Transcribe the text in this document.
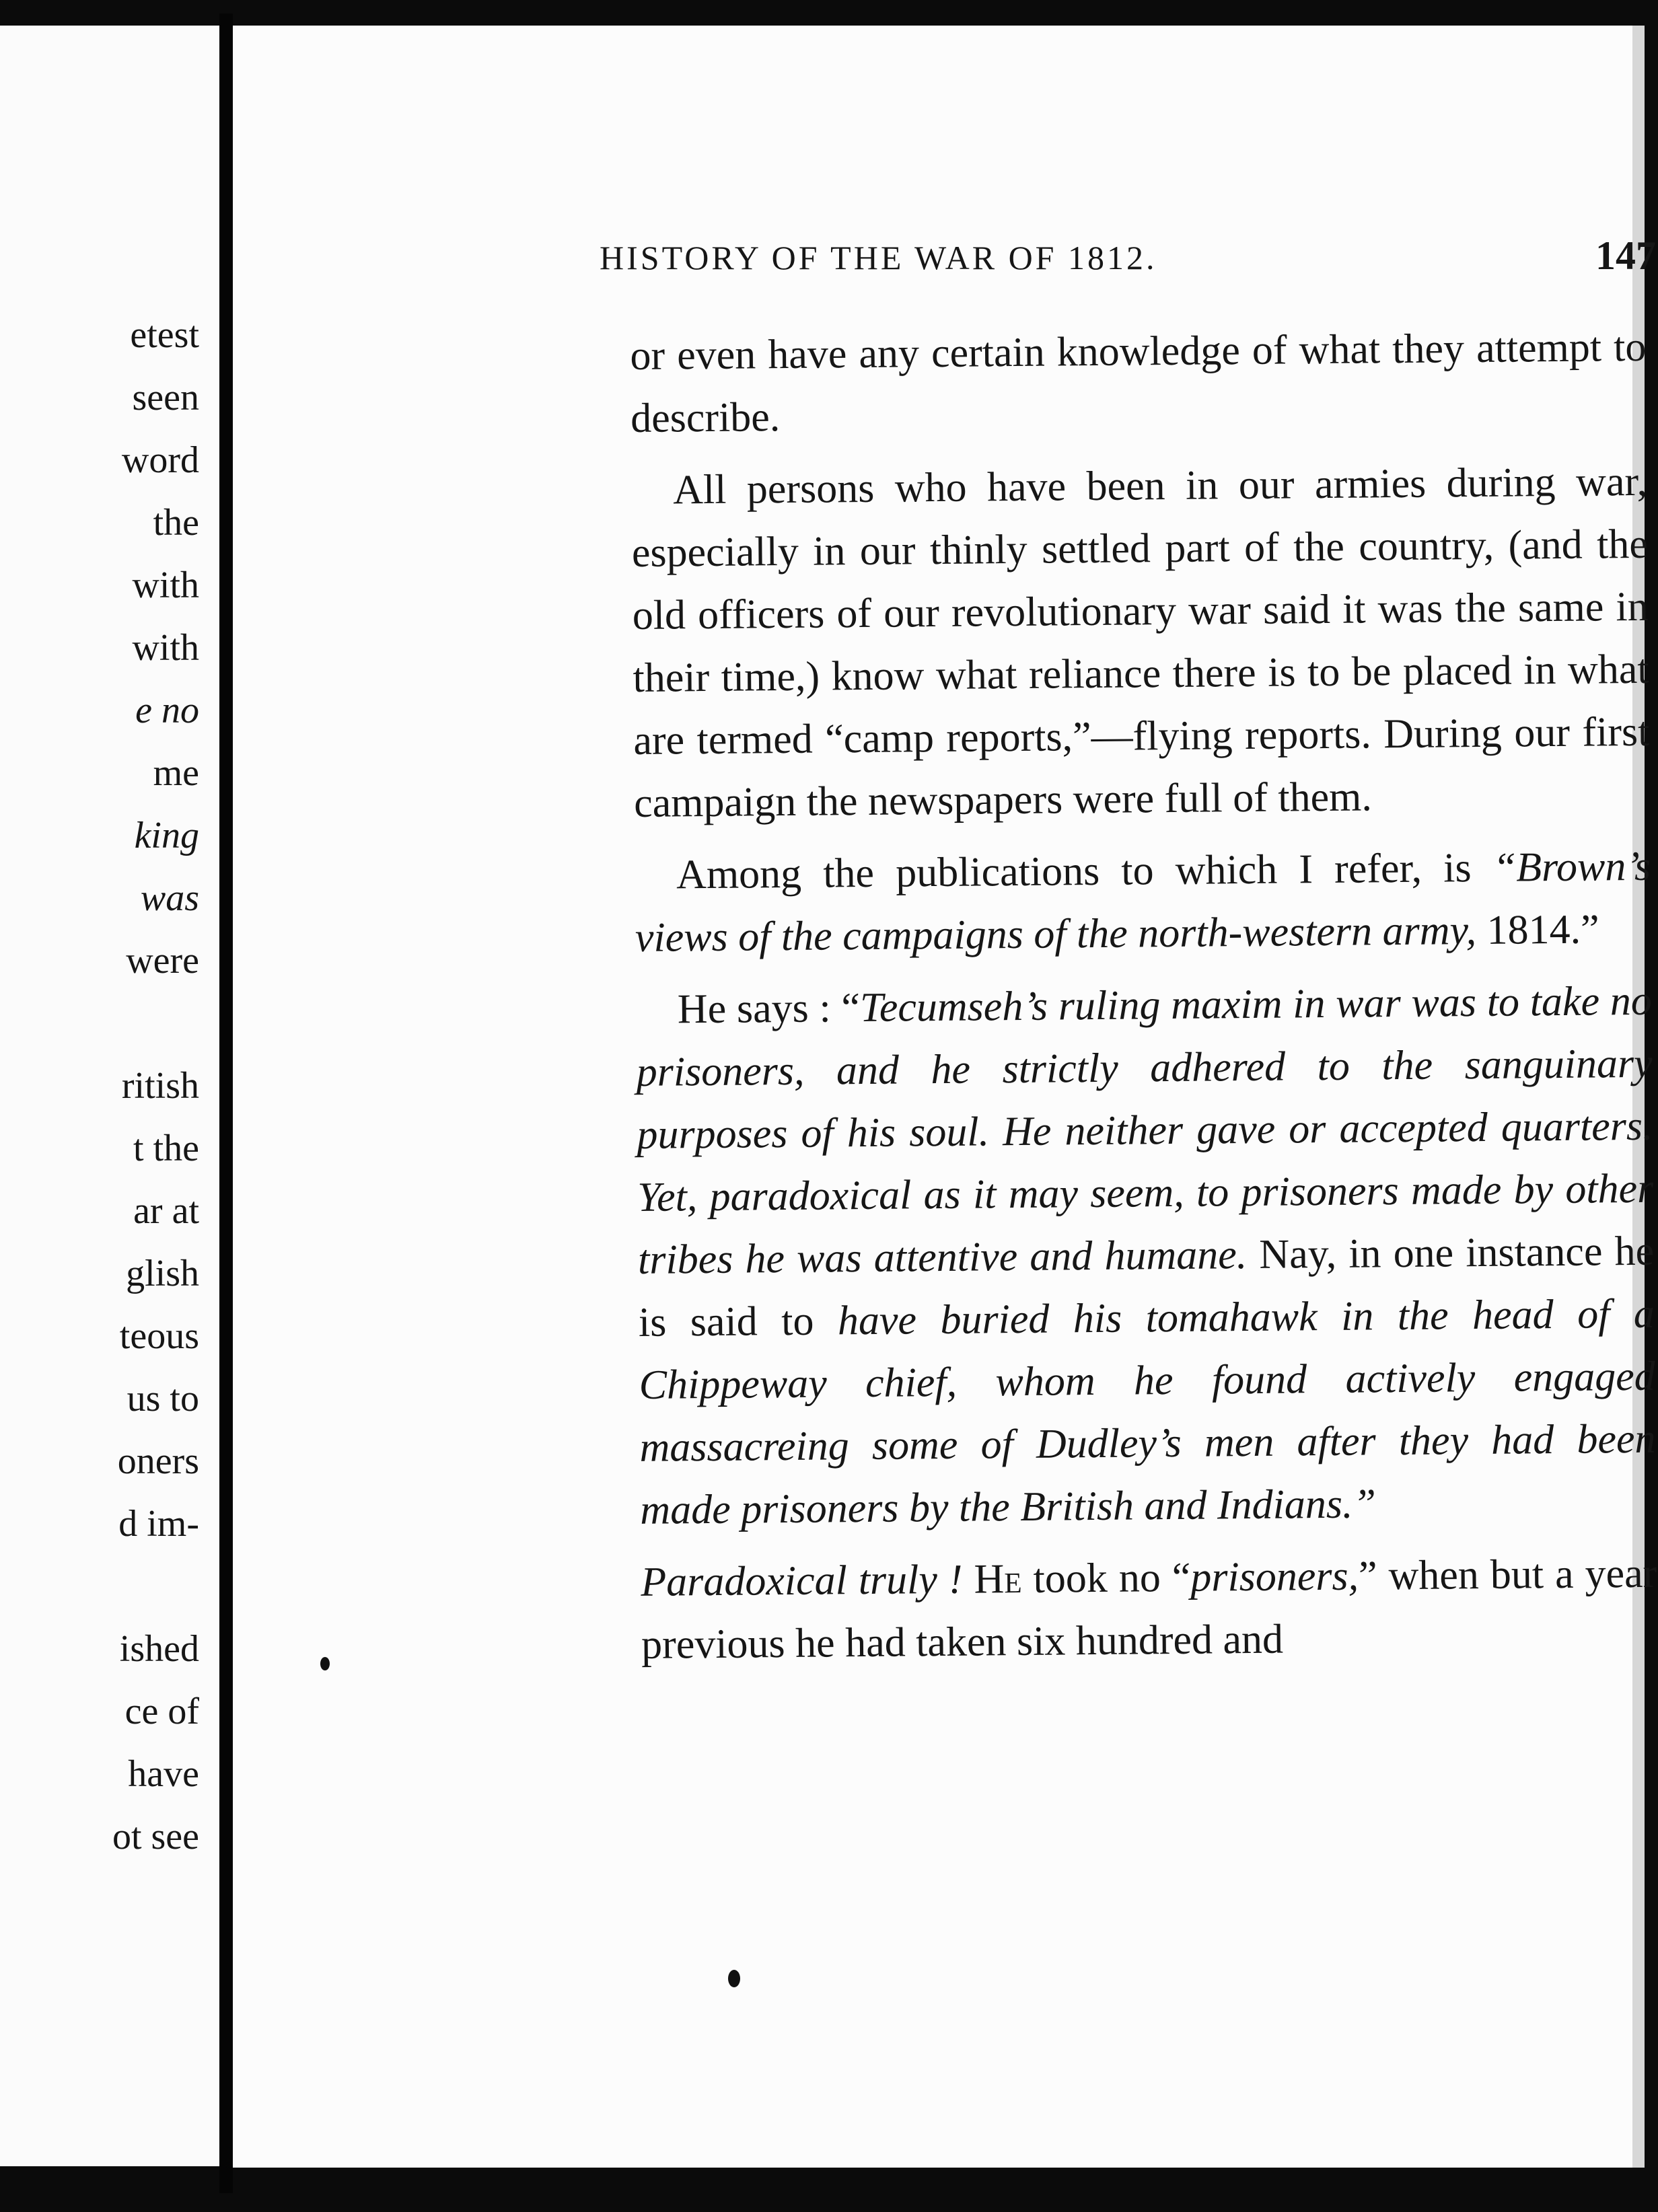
etest
seen
word
the
with
with
e no
me
king
was
were
ritish
t the
ar at
glish
teous
us to
oners
d im-
ished
ce of
have
ot see
HISTORY OF THE WAR OF 1812.	147

or even have any certain knowledge of what they attempt to describe.

All persons who have been in our armies during war, especially in our thinly settled part of the country, (and the old officers of our revolutionary war said it was the same in their time,) know what reliance there is to be placed in what are termed “camp reports,”—flying reports. During our first campaign the newspapers were full of them.

Among the publications to which I refer, is “Brown’s views of the campaigns of the north-western army, 1814.”

He says : “Tecumseh’s ruling maxim in war was to take no prisoners, and he strictly adhered to the sanguinary purposes of his soul. He neither gave or accepted quarters. Yet, paradoxical as it may seem, to prisoners made by other tribes he was attentive and humane. Nay, in one instance he is said to have buried his tomahawk in the head of a Chippeway chief, whom he found actively engaged massacreing some of Dudley’s men after they had been made prisoners by the British and Indians.”

Paradoxical truly ! He took no “prisoners,” when but a year previous he had taken six hundred and
